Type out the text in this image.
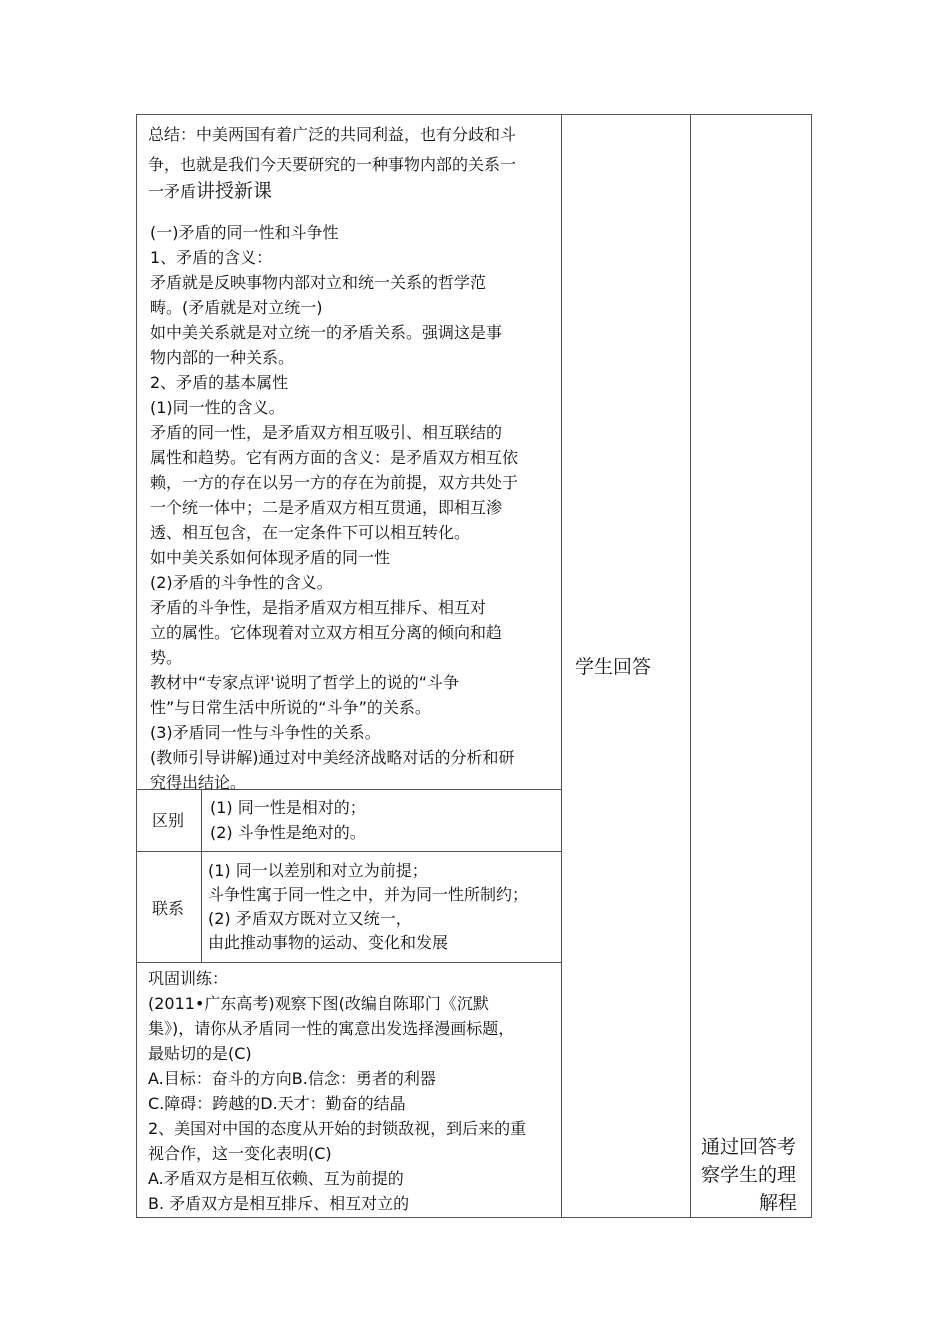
总结：中美两国有着广泛的共同利益，也有分歧和斗
争，也就是我们今天要研究的一种事物内部的关系一
一矛盾讲授新课
(一)矛盾的同一性和斗争性
1、矛盾的含义：
矛盾就是反映事物内部对立和统一关系的哲学范
畴。(矛盾就是对立统一)
如中美关系就是对立统一的矛盾关系。强调这是事
物内部的一种关系。
2、矛盾的基本属性
(1)同一性的含义。
矛盾的同一性，是矛盾双方相互吸引、相互联结的
属性和趋势。它有两方面的含义：是矛盾双方相互依
赖，一方的存在以另一方的存在为前提，双方共处于
一个统一体中；二是矛盾双方相互贯通，即相互渗
透、相互包含，在一定条件下可以相互转化。
如中美关系如何体现矛盾的同一性
(2)矛盾的斗争性的含义。
矛盾的斗争性，是指矛盾双方相互排斥、相互对
立的属性。它体现着对立双方相互分离的倾向和趋
势。
教材中“专家点评'说明了哲学上的说的“斗争
性”与日常生活中所说的“斗争”的关系。
(3)矛盾同一性与斗争性的关系。
(教师引导讲解)通过对中美经济战略对话的分析和研
究得出结论。
区别
(1) 同一性是相对的；
(2) 斗争性是绝对的。
联系
(1) 同一以差别和对立为前提；
斗争性寓于同一性之中，并为同一性所制约；
(2) 矛盾双方既对立又统一，
由此推动事物的运动、变化和发展
巩固训练：
(2011•广东高考)观察下图(改编自陈耶门《沉默
集》)，请你从矛盾同一性的寓意出发选择漫画标题，
最贴切的是(C)
A.目标：奋斗的方向B.信念：勇者的利器
C.障碍：跨越的D.天才：勤奋的结晶
2、美国对中国的态度从开始的封锁敌视，到后来的重
视合作，这一变化表明(C)
A.矛盾双方是相互依赖、互为前提的
B. 矛盾双方是相互排斥、相互对立的
学生回答
通过回答考
察学生的理
解程
